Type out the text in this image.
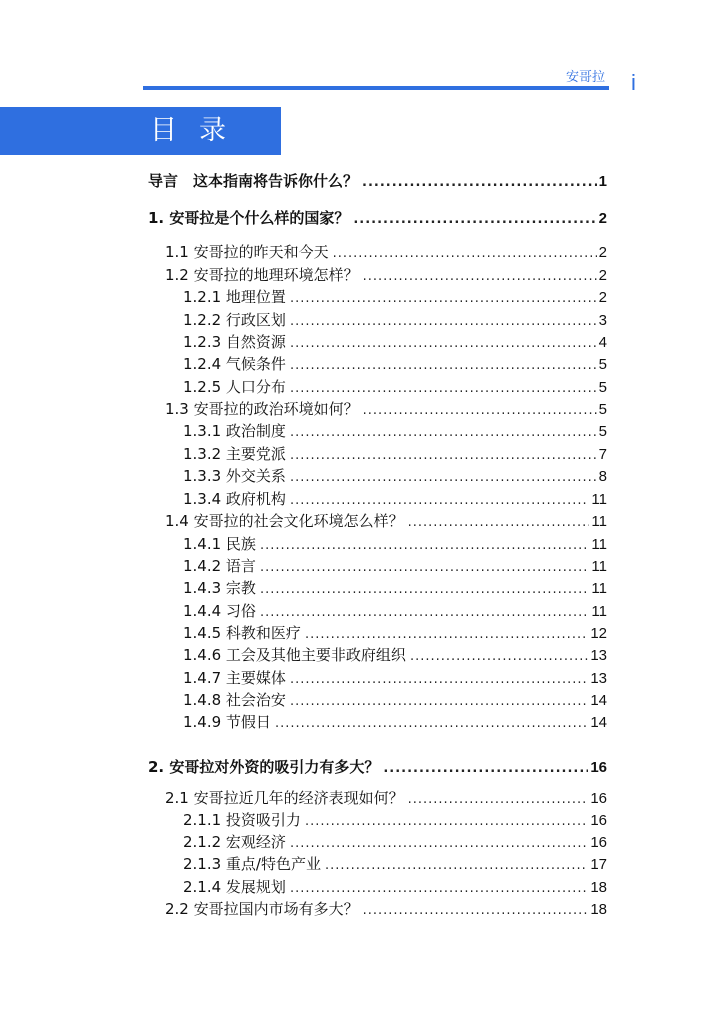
安哥拉 i
目录
导言　这本指南将告诉你什么？ .....	1
1. 安哥拉是个什么样的国家？ .....	2
1.1 安哥拉的昨天和今天 .....	2
1.2 安哥拉的地理环境怎样？ .....	2
1.2.1 地理位置 .....	2
1.2.2 行政区划 .....	3
1.2.3 自然资源 .....	4
1.2.4 气候条件 .....	5
1.2.5 人口分布 .....	5
1.3 安哥拉的政治环境如何？ .....	5
1.3.1 政治制度 .....	5
1.3.2 主要党派 .....	7
1.3.3 外交关系 .....	8
1.3.4 政府机构 .....	11
1.4 安哥拉的社会文化环境怎么样？ .....	11
1.4.1 民族 .....	11
1.4.2 语言 .....	11
1.4.3 宗教 .....	11
1.4.4 习俗 .....	11
1.4.5 科教和医疗 .....	12
1.4.6 工会及其他主要非政府组织 .....	13
1.4.7 主要媒体 .....	13
1.4.8 社会治安 .....	14
1.4.9 节假日 .....	14
2. 安哥拉对外资的吸引力有多大？ .....	16
2.1 安哥拉近几年的经济表现如何？ .....	16
2.1.1 投资吸引力 .....	16
2.1.2 宏观经济 .....	16
2.1.3 重点/特色产业 .....	17
2.1.4 发展规划 .....	18
2.2 安哥拉国内市场有多大？ .....	18
